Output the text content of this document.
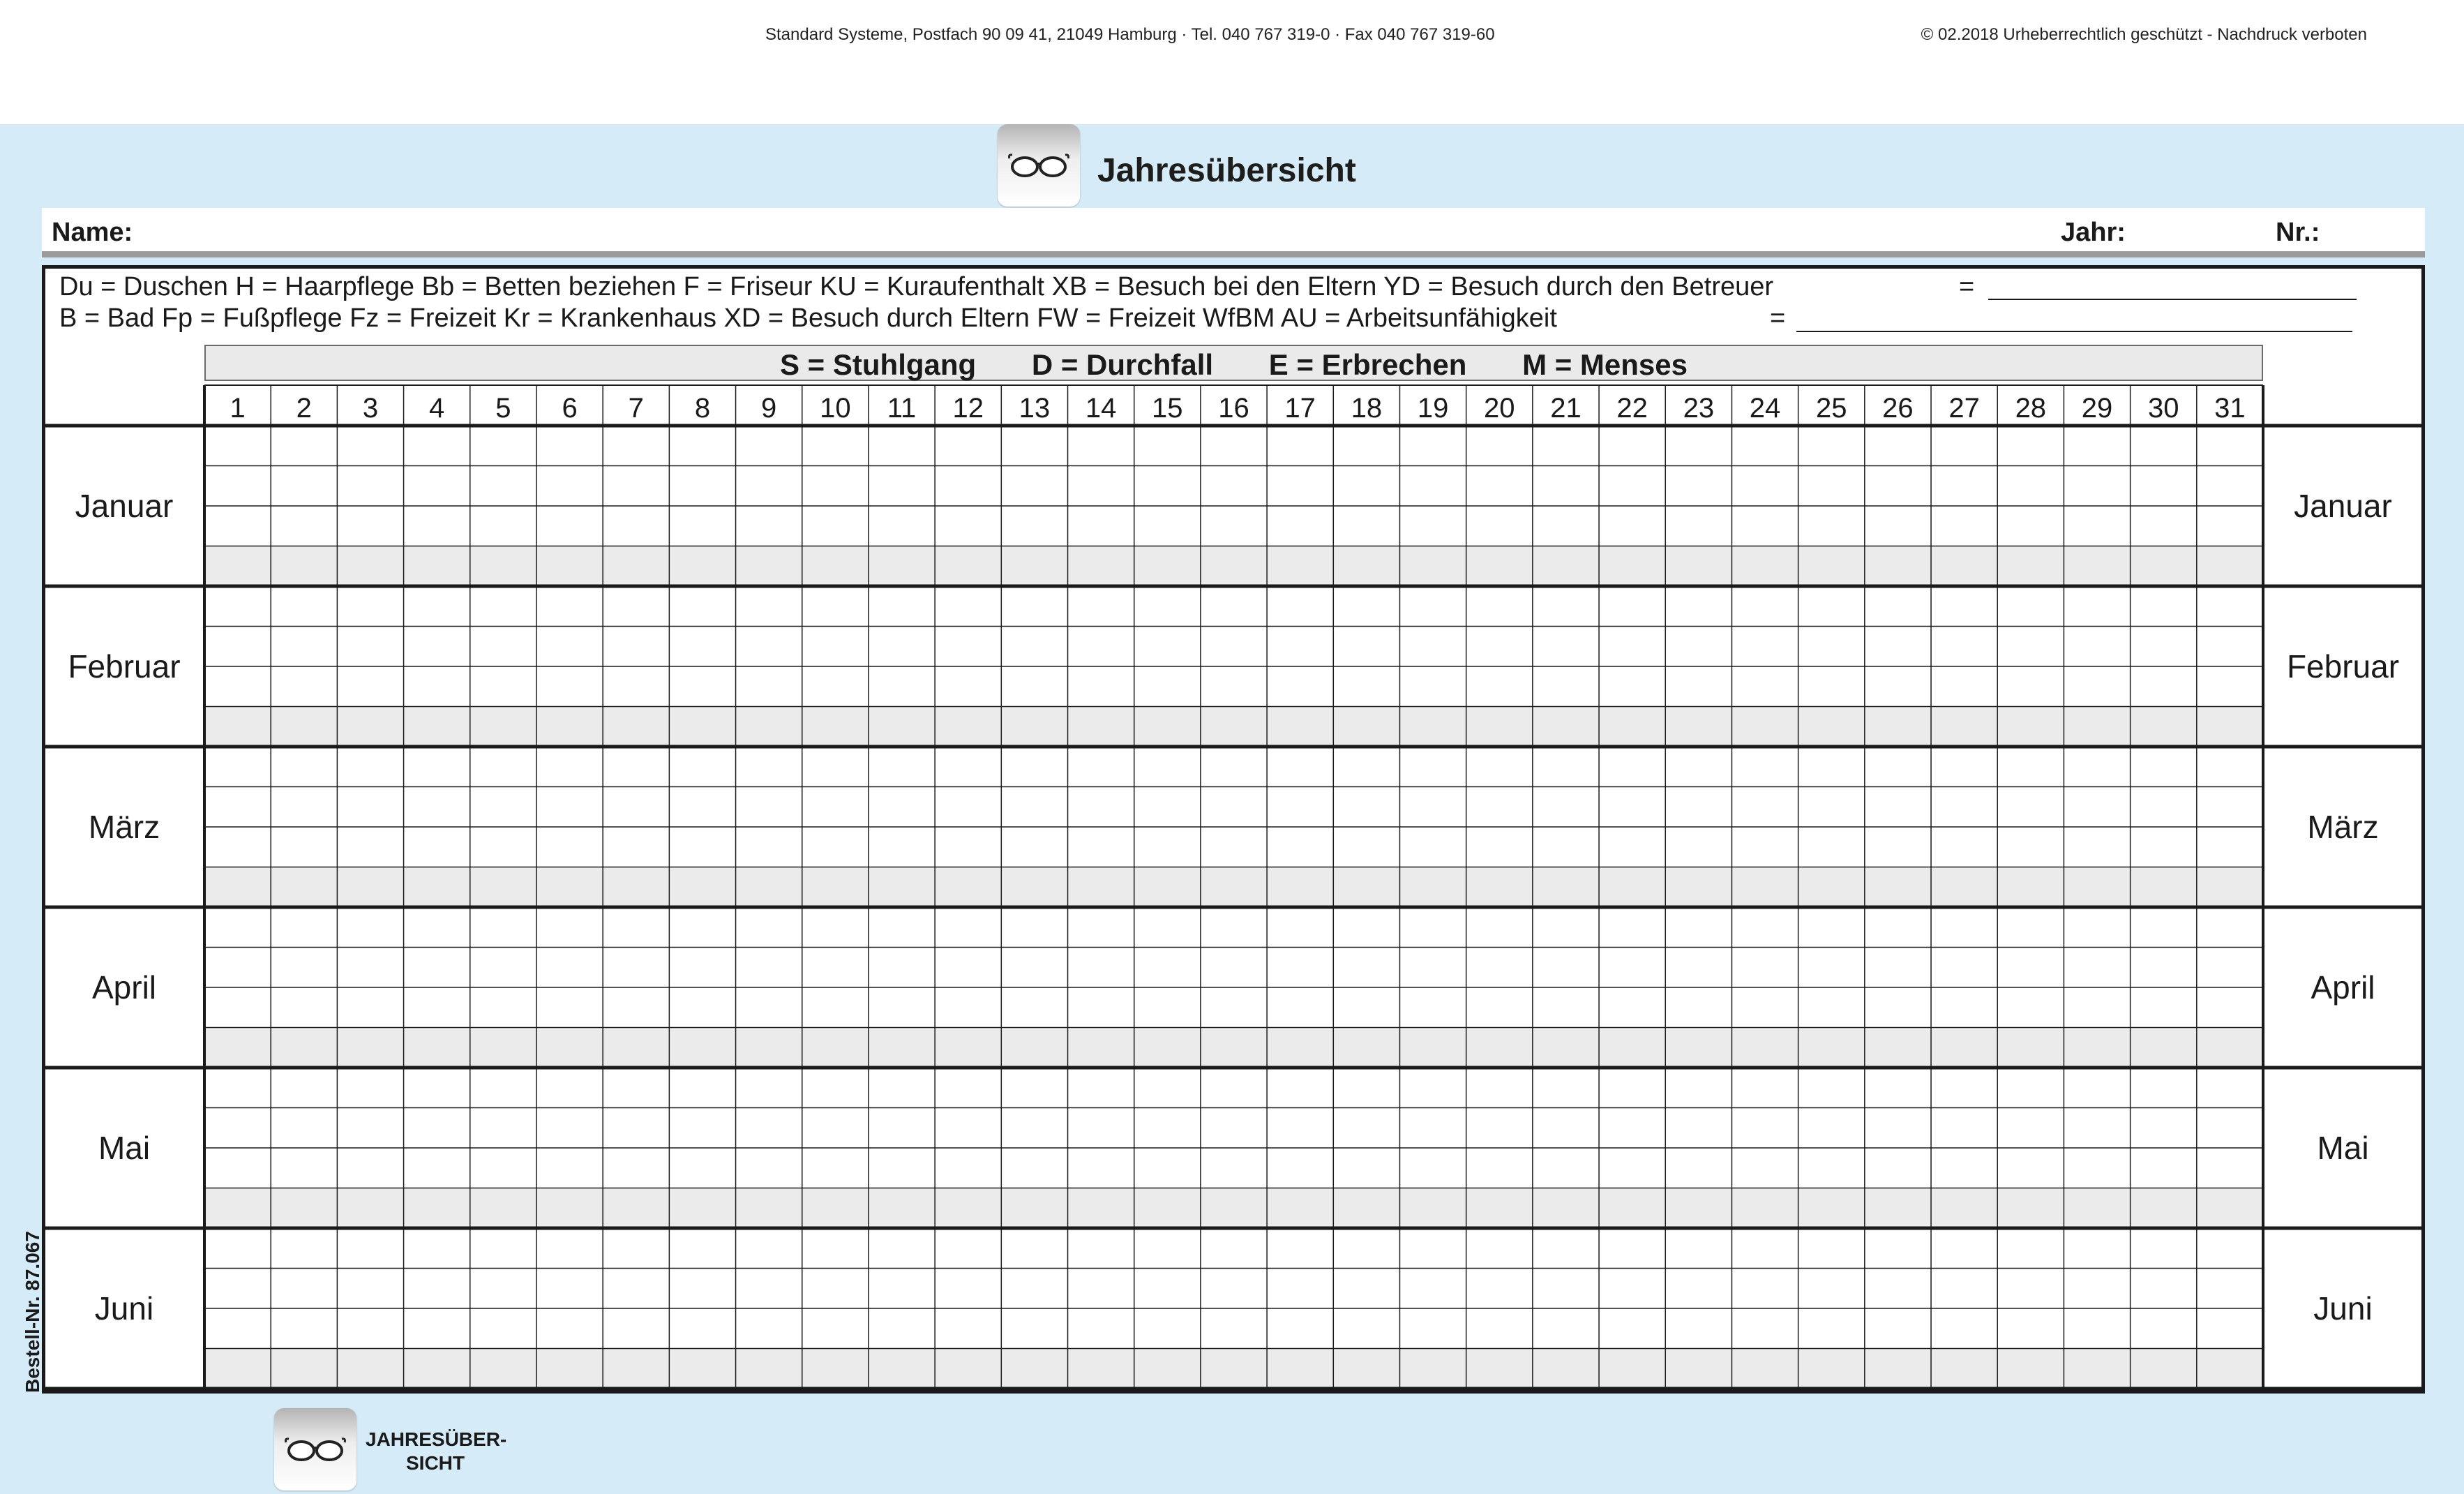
Standard Systeme, Postfach 90 09 41, 21049 Hamburg · Tel. 040 767 319-0 · Fax 040 767 319-60	© 02.2018 Urheberrechtlich geschützt - Nachdruck verboten
Jahresübersicht
Name:	Jahr:	Nr.:
Du = Duschen H = Haarpflege Bb = Betten beziehen F = Friseur KU = Kuraufenthalt XB = Besuch bei den Eltern YD = Besuch durch den Betreuer
B = Bad Fp = Fußpflege Fz = Freizeit Kr = Krankenhaus XD = Besuch durch Eltern FW = Freizeit WfBM AU = Arbeitsunfähigkeit
=
=
S = Stuhlgang D = Durchfall E = Erbrechen M = Menses
Januar	Januar
Februar	Februar
März	März
April	April
Mai	Mai
Juni	Juni
1 2 3 4 5 6 7 8 9 10 11 12 13 14 15 16 17 18 19 20 21 22 23 24 25 26 27 28 29 30 31
Bestell-Nr. 87.067
JAHRESÜBER-
SICHT
